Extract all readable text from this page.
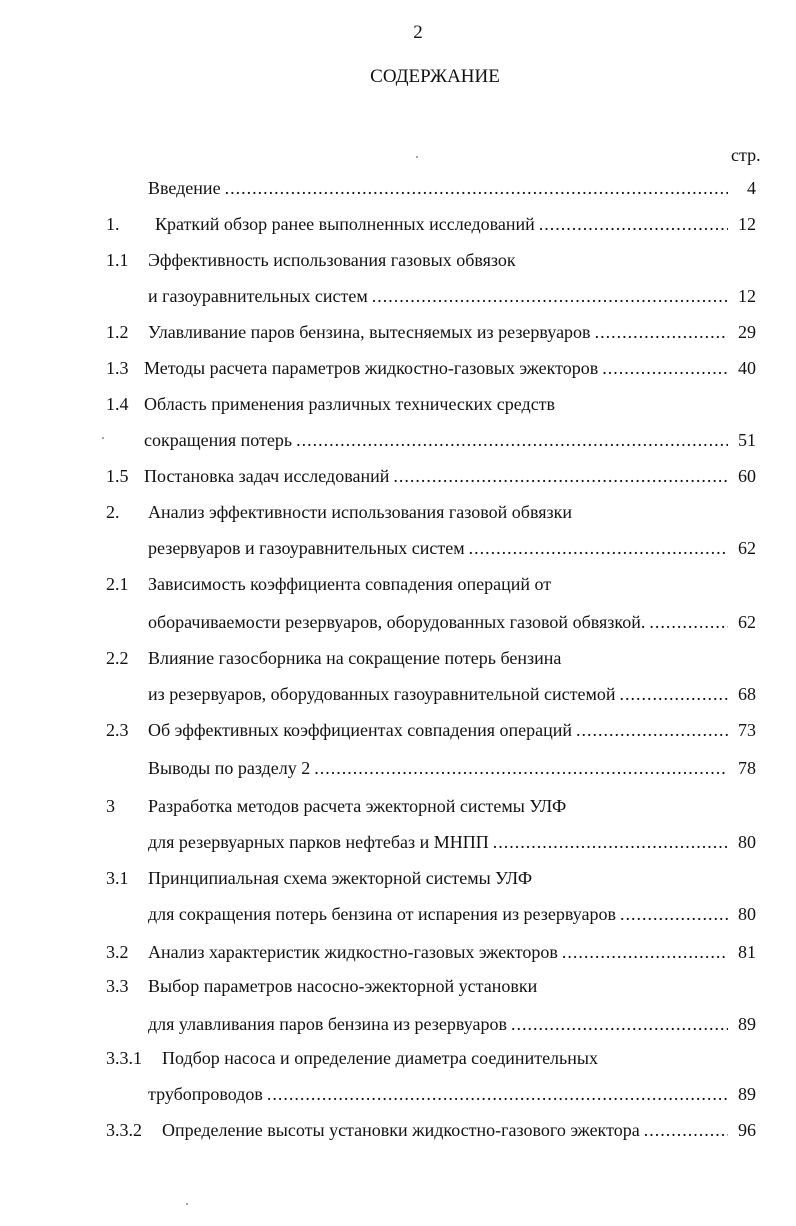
2
СОДЕРЖАНИЕ
стр.
Введение .....	4
1. Краткий обзор ранее выполненных исследований .....	12
1.1 Эффективность использования газовых обвязок
и газоуравнительных систем .....	12
1.2 Улавливание паров бензина, вытесняемых из резервуаров .....	29
1.3 Методы расчета параметров жидкостно-газовых эжекторов .....	40
1.4 Область применения различных технических средств
сокращения потерь .....	51
1.5 Постановка задач исследований .....	60
2. Анализ эффективности использования газовой обвязки
резервуаров и газоуравнительных систем .....	62
2.1 Зависимость коэффициента совпадения операций от
оборачиваемости резервуаров, оборудованных газовой обвязкой. .....	62
2.2 Влияние газосборника на сокращение потерь бензина
из резервуаров, оборудованных газоуравнительной системой .....	68
2.3 Об эффективных коэффициентах совпадения операций .....	73
Выводы по разделу 2 .....	78
3 Разработка методов расчета эжекторной системы УЛФ
для резервуарных парков нефтебаз и МНПП .....	80
3.1 Принципиальная схема эжекторной системы УЛФ
для сокращения потерь бензина от испарения из резервуаров .....	80
3.2 Анализ характеристик жидкостно-газовых эжекторов .....	81
3.3 Выбор параметров насосно-эжекторной установки
для улавливания паров бензина из резервуаров .....	89
3.3.1 Подбор насоса и определение диаметра соединительных
трубопроводов .....	89
3.3.2 Определение высоты установки жидкостно-газового эжектора .....	96
